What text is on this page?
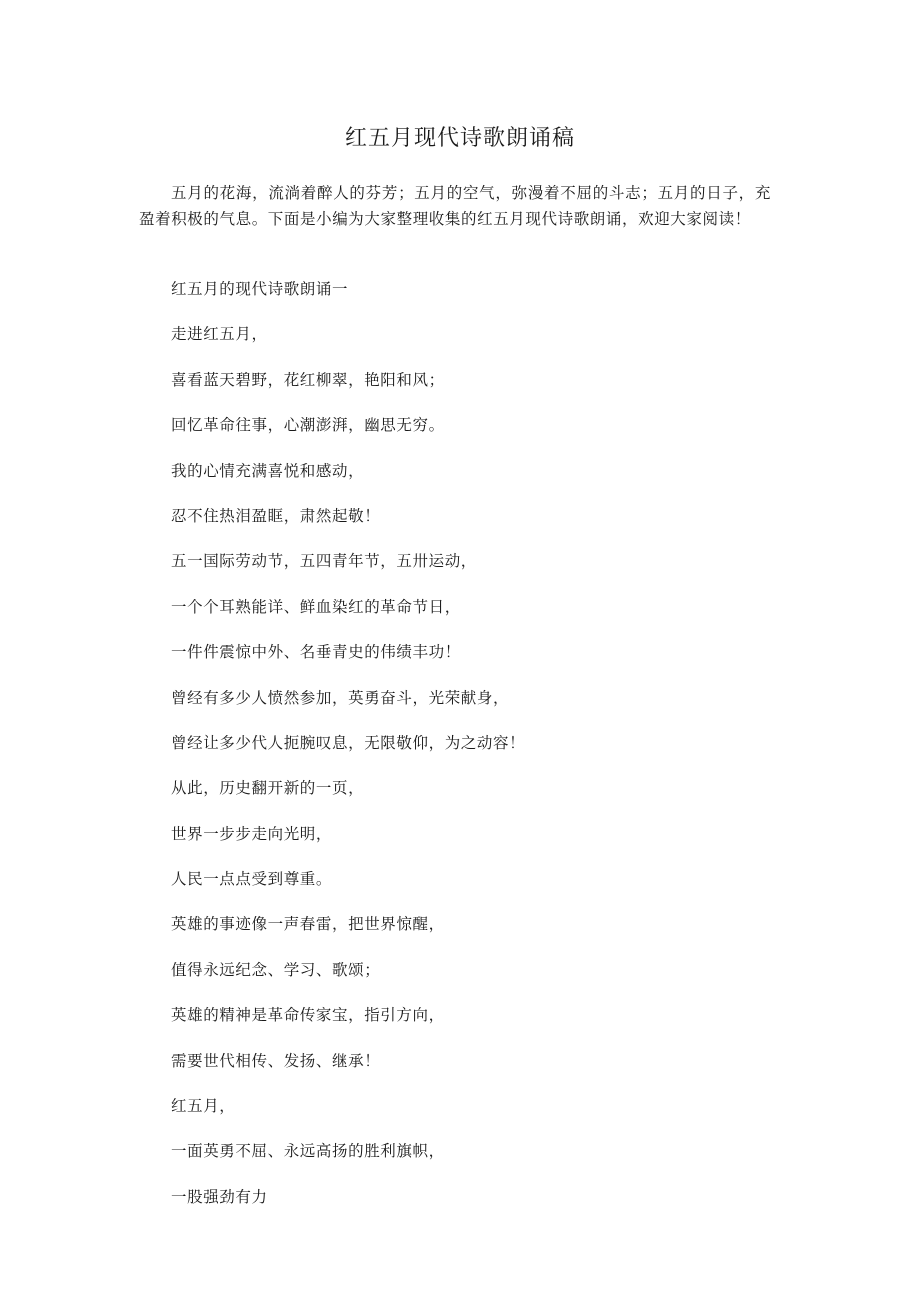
红五月现代诗歌朗诵稿

五月的花海，流淌着醉人的芬芳；五月的空气，弥漫着不屈的斗志；五月的日子，充盈着积极的气息。下面是小编为大家整理收集的红五月现代诗歌朗诵，欢迎大家阅读！

红五月的现代诗歌朗诵一
走进红五月，
喜看蓝天碧野，花红柳翠，艳阳和风；
回忆革命往事，心潮澎湃，幽思无穷。
我的心情充满喜悦和感动，
忍不住热泪盈眶，肃然起敬！
五一国际劳动节，五四青年节，五卅运动，
一个个耳熟能详、鲜血染红的革命节日，
一件件震惊中外、名垂青史的伟绩丰功！
曾经有多少人愤然参加，英勇奋斗，光荣献身，
曾经让多少代人扼腕叹息，无限敬仰，为之动容！
从此，历史翻开新的一页，
世界一步步走向光明，
人民一点点受到尊重。
英雄的事迹像一声春雷，把世界惊醒，
值得永远纪念、学习、歌颂；
英雄的精神是革命传家宝，指引方向，
需要世代相传、发扬、继承！
红五月，
一面英勇不屈、永远高扬的胜利旗帜，
一股强劲有力
